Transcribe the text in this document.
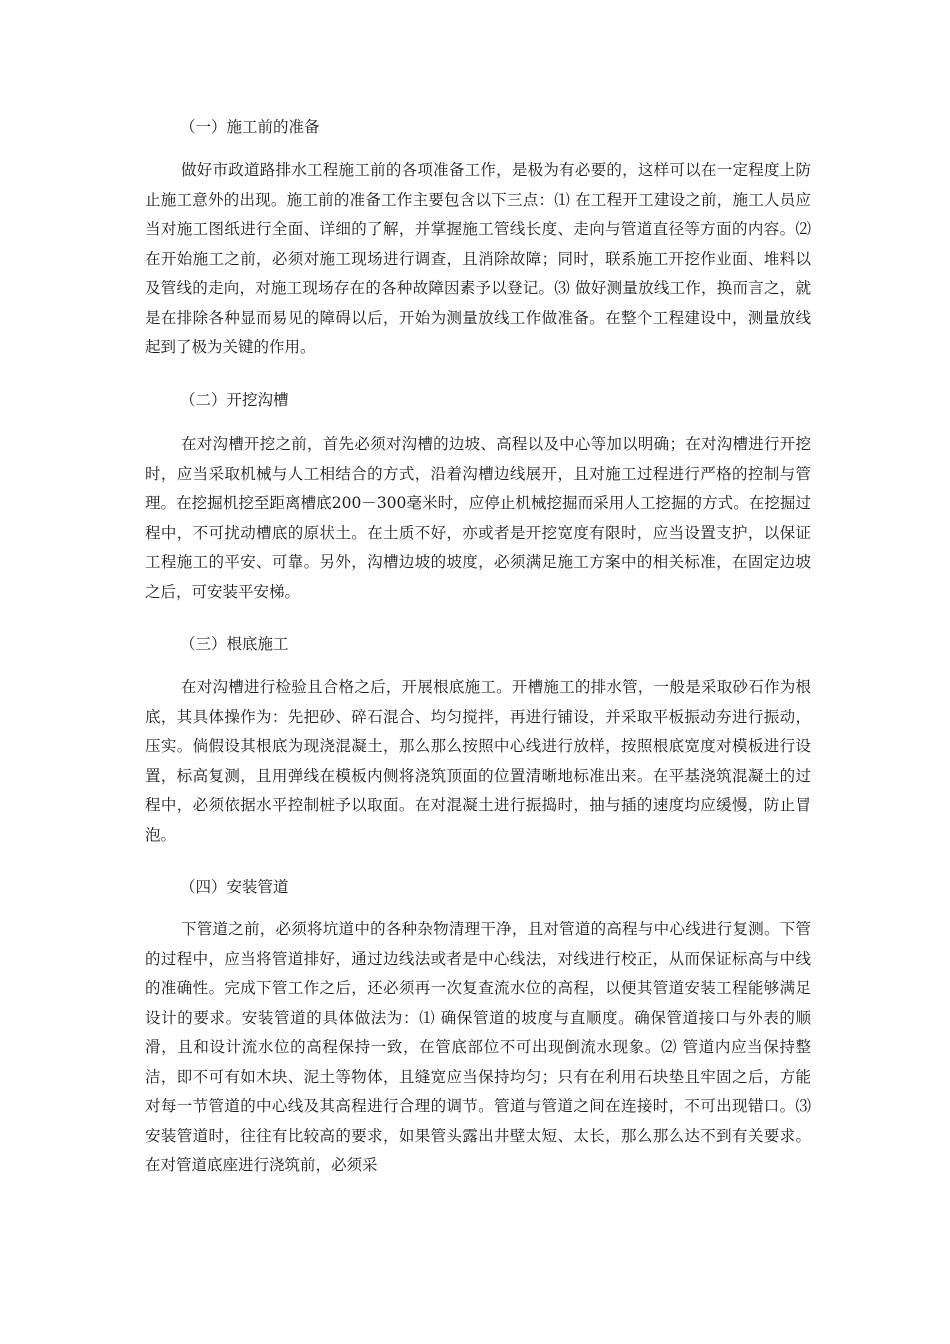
（一）施工前的准备

做好市政道路排水工程施工前的各项准备工作，是极为有必要的，这样可以在一定程度上防止施工意外的出现。施工前的准备工作主要包含以下三点：⑴ 在工程开工建设之前，施工人员应当对施工图纸进行全面、详细的了解，并掌握施工管线长度、走向与管道直径等方面的内容。⑵ 在开始施工之前，必须对施工现场进行调查，且消除故障；同时，联系施工开挖作业面、堆料以及管线的走向，对施工现场存在的各种故障因素予以登记。⑶ 做好测量放线工作，换而言之，就是在排除各种显而易见的障碍以后，开始为测量放线工作做准备。在整个工程建设中，测量放线起到了极为关键的作用。

（二）开挖沟槽

在对沟槽开挖之前，首先必须对沟槽的边坡、高程以及中心等加以明确；在对沟槽进行开挖时，应当采取机械与人工相结合的方式，沿着沟槽边线展开，且对施工过程进行严格的控制与管理。在挖掘机挖至距离槽底200－300毫米时，应停止机械挖掘而采用人工挖掘的方式。在挖掘过程中，不可扰动槽底的原状土。在土质不好，亦或者是开挖宽度有限时，应当设置支护，以保证工程施工的平安、可靠。另外，沟槽边坡的坡度，必须满足施工方案中的相关标准，在固定边坡之后，可安装平安梯。

（三）根底施工

在对沟槽进行检验且合格之后，开展根底施工。开槽施工的排水管，一般是采取砂石作为根底，其具体操作为：先把砂、碎石混合、均匀搅拌，再进行铺设，并采取平板振动夯进行振动，压实。倘假设其根底为现浇混凝土，那么那么按照中心线进行放样，按照根底宽度对模板进行设置，标高复测，且用弹线在模板内侧将浇筑顶面的位置清晰地标准出来。在平基浇筑混凝土的过程中，必须依据水平控制桩予以取面。在对混凝土进行振捣时，抽与插的速度均应缓慢，防止冒泡。

（四）安装管道

下管道之前，必须将坑道中的各种杂物清理干净，且对管道的高程与中心线进行复测。下管的过程中，应当将管道排好，通过边线法或者是中心线法，对线进行校正，从而保证标高与中线的准确性。完成下管工作之后，还必须再一次复查流水位的高程，以便其管道安装工程能够满足设计的要求。安装管道的具体做法为：⑴ 确保管道的坡度与直顺度。确保管道接口与外表的顺滑，且和设计流水位的高程保持一致，在管底部位不可出现倒流水现象。⑵ 管道内应当保持整洁，即不可有如木块、泥土等物体，且缝宽应当保持均匀；只有在利用石块垫且牢固之后，方能对每一节管道的中心线及其高程进行合理的调节。管道与管道之间在连接时，不可出现错口。⑶ 安装管道时，往往有比较高的要求，如果管头露出井壁太短、太长，那么那么达不到有关要求。在对管道底座进行浇筑前，必须采
